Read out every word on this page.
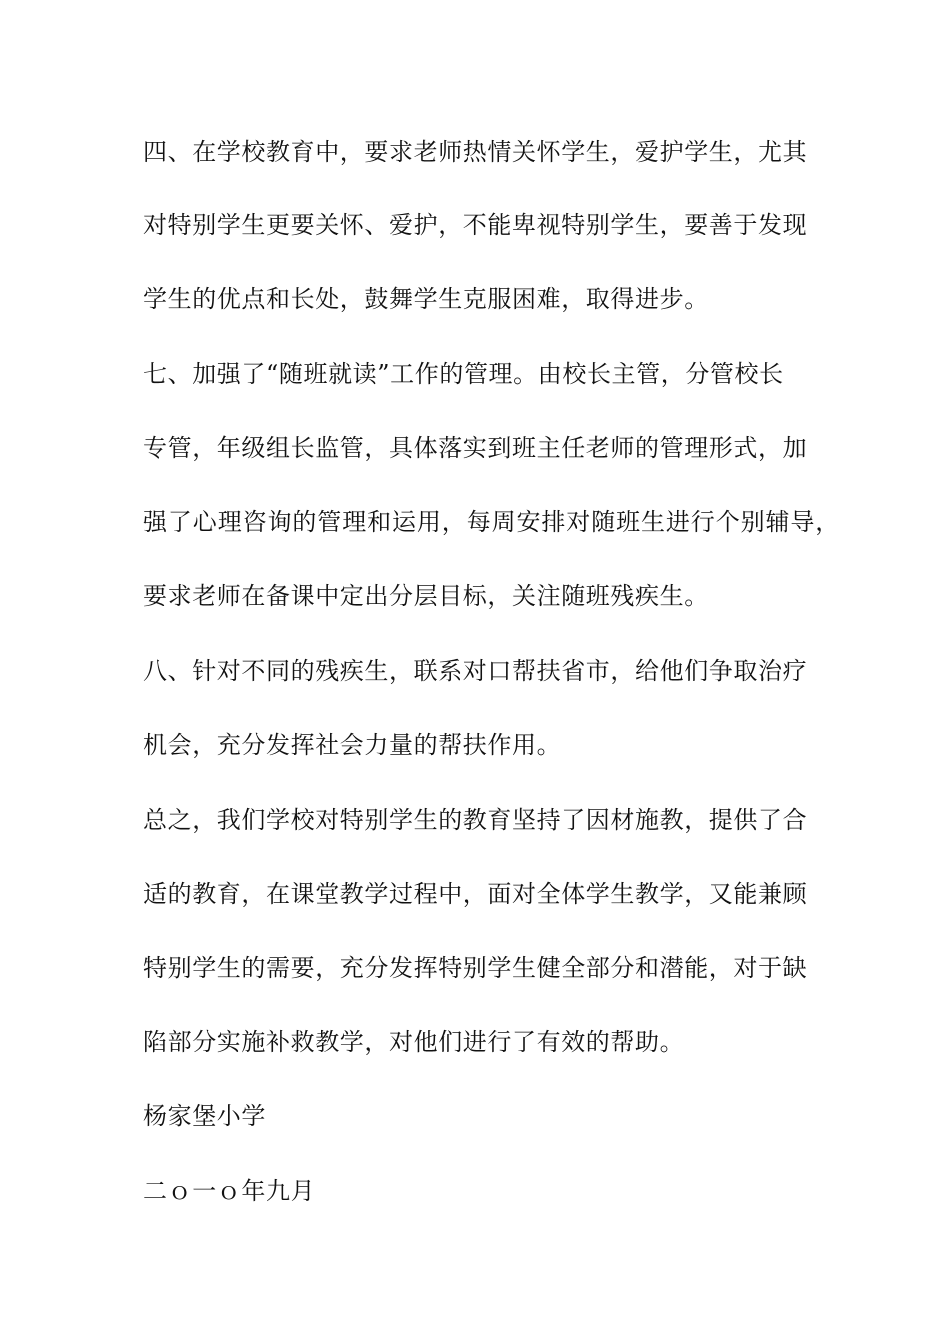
四、在学校教育中，要求老师热情关怀学生，爱护学生，尤其
对特别学生更要关怀、爱护，不能卑视特别学生，要善于发现
学生的优点和长处，鼓舞学生克服困难，取得进步。
七、加强了“随班就读”工作的管理。由校长主管，分管校长
专管，年级组长监管，具体落实到班主任老师的管理形式，加
强了心理咨询的管理和运用，每周安排对随班生进行个别辅导，
要求老师在备课中定出分层目标，关注随班残疾生。
八、针对不同的残疾生，联系对口帮扶省市，给他们争取治疗
机会，充分发挥社会力量的帮扶作用。
总之，我们学校对特别学生的教育坚持了因材施教，提供了合
适的教育，在课堂教学过程中，面对全体学生教学，又能兼顾
特别学生的需要，充分发挥特别学生健全部分和潜能，对于缺
陷部分实施补救教学，对他们进行了有效的帮助。
杨家堡小学
二ｏ一ｏ年九月
